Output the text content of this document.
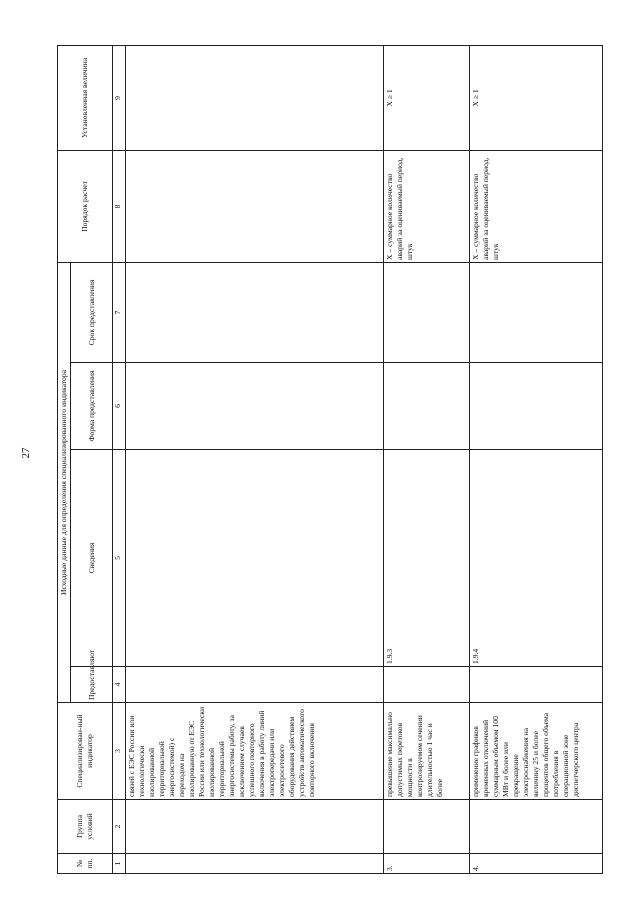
27
№ пп.	Группа условий	Специализирован-ный индикатор	Исходные данные для определения специализированного индикатора				Порядок расчет	Установленная величина
			Предоставляют	Сведения	Форма представления	Срок представления		
1	2	3	4	5	6	7	8	9
		связей с ЕЭС России или технологически изолированной территориальной энергосистемой) с переходом на изолированную от ЕЭС России или технологически изолированной территориальной энергосистемы работу, за исключением случаев успешного повторного включения в работу линий электропередачи или электросетевого оборудования действием устройств автоматического повторного включения						
3.		превышение максимально допустимых перетоков мощности в контролируемом сечении длительностью 1 час и более		1.9.3			X – суммарное количество аварий за оцениваемый период, штук	X ≥ 1
4.		применение графиков временных отключений суммарным объемом 100 МВт и более или прекращение электроснабжения на величину 25 и более процентов общего объема потребления в операционной зоне диспетчерского центра		1.9.4			X – суммарное количество аварий за оцениваемый период, штук	X ≥ 1
